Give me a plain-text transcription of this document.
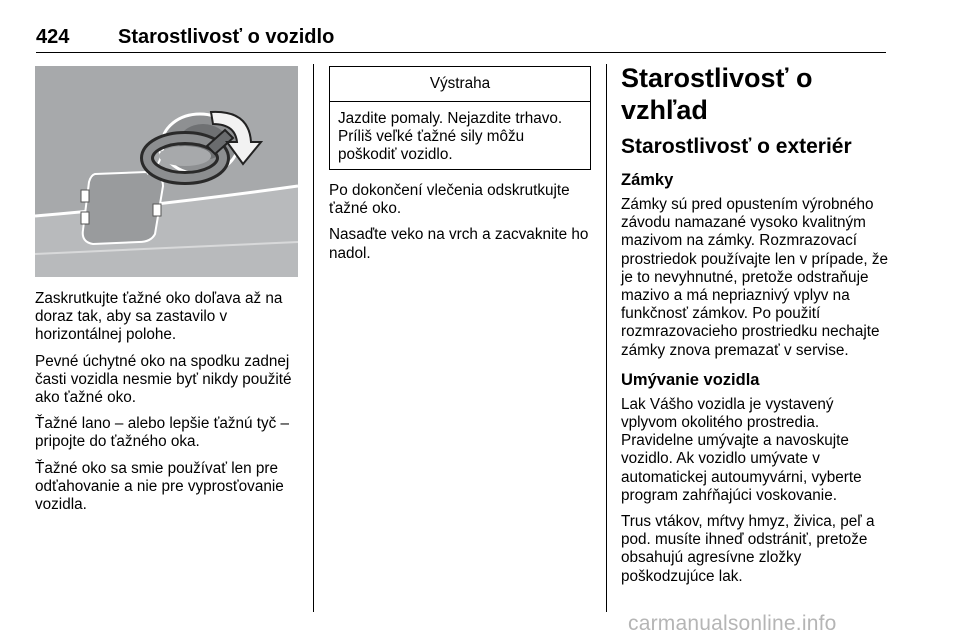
424 Starostlivosť o vozidlo

Zaskrutkujte ťažné oko doľava až na doraz tak, aby sa zastavilo v horizontálnej polohe.

Pevné úchytné oko na spodku zadnej časti vozidla nesmie byť nikdy použité ako ťažné oko.

Ťažné lano – alebo lepšie ťažnú tyč – pripojte do ťažného oka.

Ťažné oko sa smie používať len pre odťahovanie a nie pre vyprosťovanie vozidla.

Výstraha
Jazdite pomaly. Nejazdite trhavo. Príliš veľké ťažné sily môžu poškodiť vozidlo.

Po dokončení vlečenia odskrutkujte ťažné oko.

Nasaďte veko na vrch a zacvaknite ho nadol.

Starostlivosť o vzhľad
Starostlivosť o exteriér
Zámky

Zámky sú pred opustením výrobného závodu namazané vysoko kvalitným mazivom na zámky. Rozmrazovací prostriedok používajte len v prípade, že je to nevyhnutné, pretože odstraňuje mazivo a má nepriaznivý vplyv na funkčnosť zámkov. Po použití rozmrazovacieho prostriedku nechajte zámky znova premazať v servise.

Umývanie vozidla

Lak Vášho vozidla je vystavený vplyvom okolitého prostredia. Pravidelne umývajte a navoskujte vozidlo. Ak vozidlo umývate v automatickej autoumyvárni, vyberte program zahŕňajúci voskovanie.

Trus vtákov, mŕtvy hmyz, živica, peľ a pod. musíte ihneď odstrániť, pretože obsahujú agresívne zložky poškodzujúce lak.

carmanualsonline.info
